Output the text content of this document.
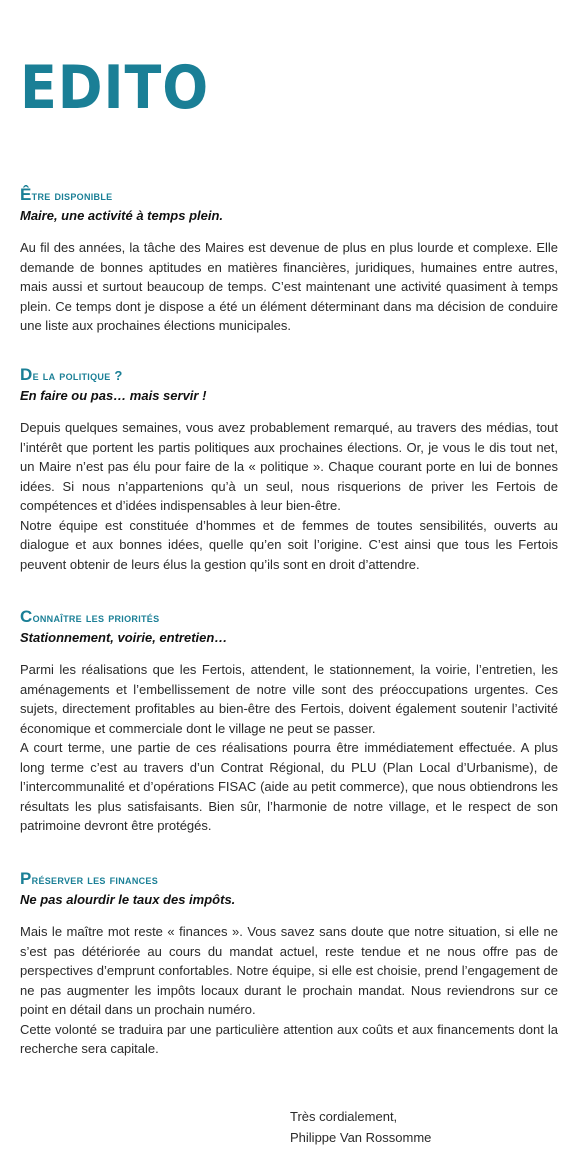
EDITO
Être disponible

Maire, une activité à temps plein.

Au fil des années, la tâche des Maires est devenue de plus en plus lourde et complexe. Elle demande de bonnes aptitudes en matières financières, juridiques, humaines entre autres, mais aussi et surtout beaucoup de temps. C’est maintenant une activité quasiment à temps plein. Ce temps dont je dispose a été un élément déterminant dans ma décision de conduire une liste aux prochaines élections municipales.

De la politique ?

En faire ou pas… mais servir !

Depuis quelques semaines, vous avez probablement remarqué, au travers des médias, tout l’intérêt que portent les partis politiques aux prochaines élections. Or, je vous le dis tout net, un Maire n’est pas élu pour faire de la « politique ». Chaque courant porte en lui de bonnes idées. Si nous n’appartenions qu’à un seul, nous risquerions de priver les Fertois de compétences et d’idées indispensables à leur bien-être.

Notre équipe est constituée d’hommes et de femmes de toutes sensibilités, ouverts au dialogue et aux bonnes idées, quelle qu’en soit l’origine. C’est ainsi que tous les Fertois peuvent obtenir de leurs élus la gestion qu’ils sont en droit d’attendre.

Connaître les priorités

Stationnement, voirie, entretien…

Parmi les réalisations que les Fertois, attendent, le stationnement, la voirie, l’entretien, les aménagements et l’embellissement de notre ville sont des préoccupations urgentes. Ces sujets, directement profitables au bien-être des Fertois, doivent également soutenir l’activité économique et commerciale dont le village ne peut se passer.

A court terme, une partie de ces réalisations pourra être immédiatement effectuée. A plus long terme c’est au travers d’un Contrat Régional, du PLU (Plan Local d’Urbanisme), de l’intercommunalité et d’opérations FISAC (aide au petit commerce), que nous obtiendrons les résultats les plus satisfaisants. Bien sûr, l’harmonie de notre village, et le respect de son patrimoine devront être protégés.

Préserver les finances

Ne pas alourdir le taux des impôts.

Mais le maître mot reste « finances ». Vous savez sans doute que notre situation, si elle ne s’est pas détériorée au cours du mandat actuel, reste tendue et ne nous offre pas de perspectives d’emprunt confortables. Notre équipe, si elle est choisie, prend l’engagement de ne pas augmenter les impôts locaux durant le prochain mandat. Nous reviendrons sur ce point en détail dans un prochain numéro.

Cette volonté se traduira par une particulière attention aux coûts et aux financements dont la recherche sera capitale.

Très cordialement,
Philippe Van Rossomme
